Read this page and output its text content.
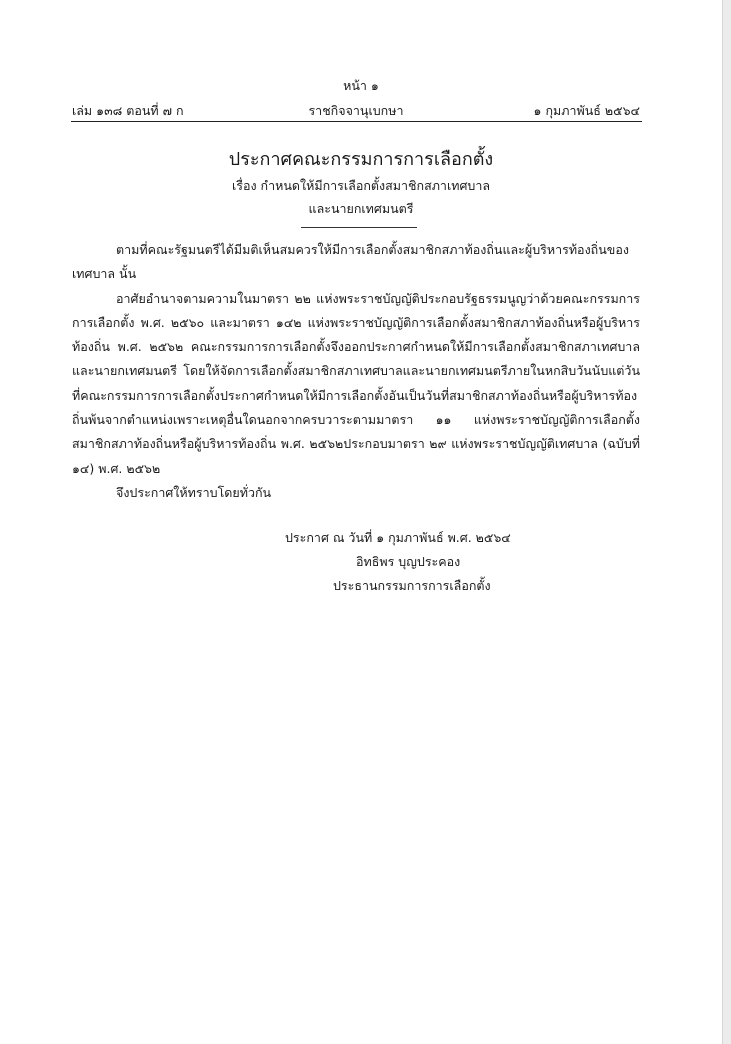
หน้า ๑
เล่ม ๑๓๘ ตอนที่ ๗ ก	ราชกิจจานุเบกษา	๑ กุมภาพันธ์ ๒๕๖๔
ประกาศคณะกรรมการการเลือกตั้ง
เรื่อง กำหนดให้มีการเลือกตั้งสมาชิกสภาเทศบาล
และนายกเทศมนตรี

ตามที่คณะรัฐมนตรีได้มีมติเห็นสมควรให้มีการเลือกตั้งสมาชิกสภาท้องถิ่นและผู้บริหารท้องถิ่นของเทศบาล นั้น

อาศัยอำนาจตามความในมาตรา ๒๒ แห่งพระราชบัญญัติประกอบรัฐธรรมนูญว่าด้วยคณะกรรมการการเลือกตั้ง พ.ศ. ๒๕๖๐ และมาตรา ๑๔๒ แห่งพระราชบัญญัติการเลือกตั้งสมาชิกสภาท้องถิ่นหรือผู้บริหารท้องถิ่น พ.ศ. ๒๕๖๒ คณะกรรมการการเลือกตั้งจึงออกประกาศกำหนดให้มีการเลือกตั้งสมาชิกสภาเทศบาลและนายกเทศมนตรี โดยให้จัดการเลือกตั้งสมาชิกสภาเทศบาลและนายกเทศมนตรีภายในหกสิบวันนับแต่วันที่คณะกรรมการการเลือกตั้งประกาศกำหนดให้มีการเลือกตั้งอันเป็นวันที่สมาชิกสภาท้องถิ่นหรือผู้บริหารท้องถิ่นพ้นจากตำแหน่งเพราะเหตุอื่นใดนอกจากครบวาระตามมาตรา ๑๑ แห่งพระราชบัญญัติการเลือกตั้งสมาชิกสภาท้องถิ่นหรือผู้บริหารท้องถิ่น พ.ศ. ๒๕๖๒ประกอบมาตรา ๒๙ แห่งพระราชบัญญัติเทศบาล (ฉบับที่ ๑๔) พ.ศ. ๒๕๖๒

จึงประกาศให้ทราบโดยทั่วกัน

ประกาศ ณ วันที่ ๑ กุมภาพันธ์ พ.ศ. ๒๕๖๔
อิทธิพร บุญประคอง
ประธานกรรมการการเลือกตั้ง
